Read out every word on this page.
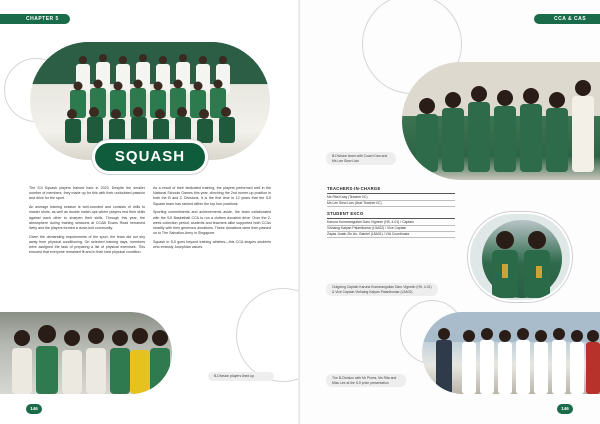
CHAPTER 5
SQUASH

The SJI Squash players trained hard in 2023. Despite the smaller number of members, they made up for this with their undoubted passion and drive for the sport.

An average training session is well-rounded and consists of drills to master shots, as well as double match-ups where players test their skills against each other to sharpen their skills. Through this year, the atmosphere during training sessions at CCAB Evans Road remained lively and the players formed a close-knit community.

Given the demanding requirements of the sport, the team did not shy away from physical conditioning. On selected training days, members were assigned the task of preparing a list of physical exercises. This ensured that everyone remained fit and in their best physical condition.

As a result of their dedicated training, the players performed well in the National Schools Games this year, clinching the 2nd runner-up position in both the B and C Divisions. It is the first time in 12 years that the SJI Squash team has ranked within the top four positions.

Sporting commitments and achievements aside, the team collaborated with the SJI Basketball CCA to run a clothes donation drive. Over the 2-week collection period, students and teachers alike supported both CCAs heartily with their generous donations. These donations were then passed on to The Salvation Army in Singapore.

Squash in SJI goes beyond training athletes—this CCA shapes students who embody Josephian values.

B-Division players lined up
146
CCA & CAS
B-Division team with Coach Dan and Ms Lee Siew Lian
TEACHERS-IN-CHARGE
Ms Rita Koay (Teacher i/C)
Ms Lee Siew Lian (Asst Teacher i/C)
STUDENT EXCO
Karuna Kumaranguilan Daru Vignesh (H5, 4-01) / Captain
Vishaing Katyan Palanikumar (L5A02) / Vice Captain
Zayas Jodah Zin An, Gabriel (L5A01) / VIA Coordinator
Outgoing Captain Karuna Kumaranguilan Daru Vignesh (H5, 4-01) & Vice Captain Vishaing Katyan Palanikumar (L5A02)
The B-Division with Mr Plums, Ms Rita and Miss Lee at the SJI prize presentation
146
